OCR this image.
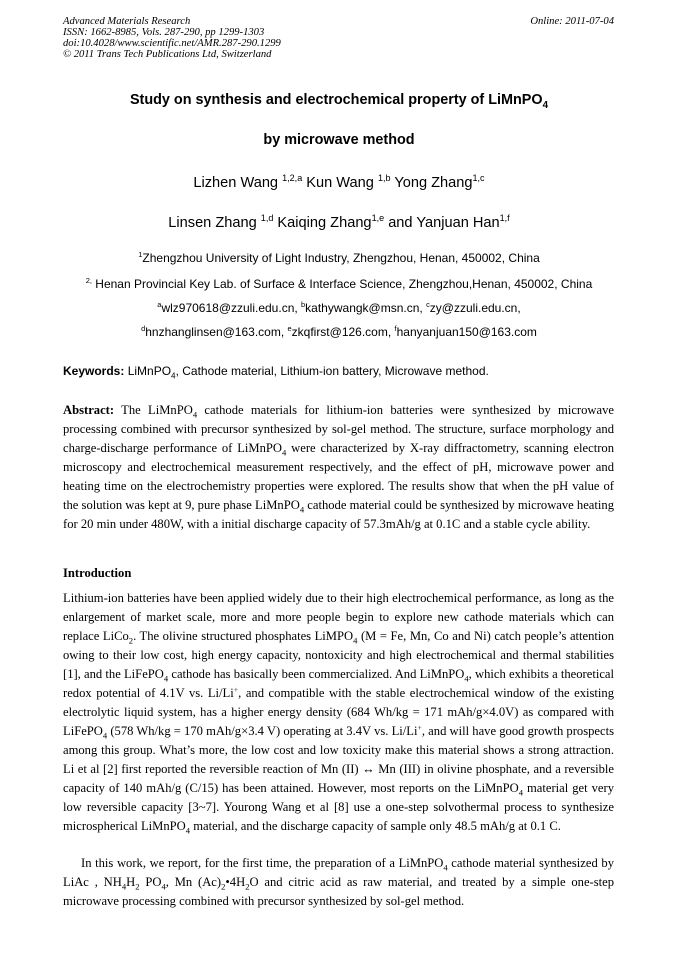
Advanced Materials Research
ISSN: 1662-8985, Vols. 287-290, pp 1299-1303
doi:10.4028/www.scientific.net/AMR.287-290.1299
© 2011 Trans Tech Publications Ltd, Switzerland
Online: 2011-07-04
Study on synthesis and electrochemical property of LiMnPO$_4$
by microwave method
Lizhen Wang $^{1,2,a}$ Kun Wang $^{1,b}$ Yong Zhang$^{1,c}$
Linsen Zhang $^{1,d}$ Kaiqing Zhang$^{1,e}$ and Yanjuan Han$^{1,f}$
$^1$Zhengzhou University of Light Industry, Zhengzhou, Henan, 450002, China
$^{2,}$ Henan Provincial Key Lab. of Surface & Interface Science, Zhengzhou,Henan, 450002, China
$^a$wlz970618@zzuli.edu.cn, $^b$kathywangk@msn.cn, $^c$zy@zzuli.edu.cn,
$^d$hnzhanglinsen@163.com, $^e$zkqfirst@126.com, $^f$hanyanjuan150@163.com
Keywords: LiMnPO$_4$, Cathode material, Lithium-ion battery, Microwave method.
Abstract: The LiMnPO$_4$ cathode materials for lithium-ion batteries were synthesized by microwave processing combined with precursor synthesized by sol-gel method. The structure, surface morphology and charge-discharge performance of LiMnPO$_4$ were characterized by X-ray diffractometry, scanning electron microscopy and electrochemical measurement respectively, and the effect of pH, microwave power and heating time on the electrochemistry properties were explored. The results show that when the pH value of the solution was kept at 9, pure phase LiMnPO$_4$ cathode material could be synthesized by microwave heating for 20 min under 480W, with a initial discharge capacity of 57.3mAh/g at 0.1C and a stable cycle ability.
Introduction
Lithium-ion batteries have been applied widely due to their high electrochemical performance, as long as the enlargement of market scale, more and more people begin to explore new cathode materials which can replace LiCo$_2$. The olivine structured phosphates LiMPO$_4$ (M = Fe, Mn, Co and Ni) catch people’s attention owing to their low cost, high energy capacity, nontoxicity and high electrochemical and thermal stabilities [1], and the LiFePO$_4$ cathode has basically been commercialized. And LiMnPO$_4$, which exhibits a theoretical redox potential of 4.1V vs. Li/Li+, and compatible with the stable electrochemical window of the existing electrolytic liquid system, has a higher energy density (684 Wh/kg = 171 mAh/g×4.0V) as compared with LiFePO$_4$ (578 Wh/kg = 170 mAh/g×3.4 V) operating at 3.4V vs. Li/Li+, and will have good growth prospects among this group. What’s more, the low cost and low toxicity make this material shows a strong attraction. Li et al [2] first reported the reversible reaction of Mn (II) ↔ Mn (III) in olivine phosphate, and a reversible capacity of 140 mAh/g (C/15) has been attained. However, most reports on the LiMnPO$_4$ material get very low reversible capacity [3~7]. Yourong Wang et al [8] use a one-step solvothermal process to synthesize microspherical LiMnPO$_4$ material, and the discharge capacity of sample only 48.5 mAh/g at 0.1 C.
In this work, we report, for the first time, the preparation of a LiMnPO$_4$ cathode material synthesized by LiAc , $NH_4H_2$ $PO_4$, Mn $(Ac)_2•4H_2O$ and citric acid as raw material, and treated by a simple one-step microwave processing combined with precursor synthesized by sol-gel method.
